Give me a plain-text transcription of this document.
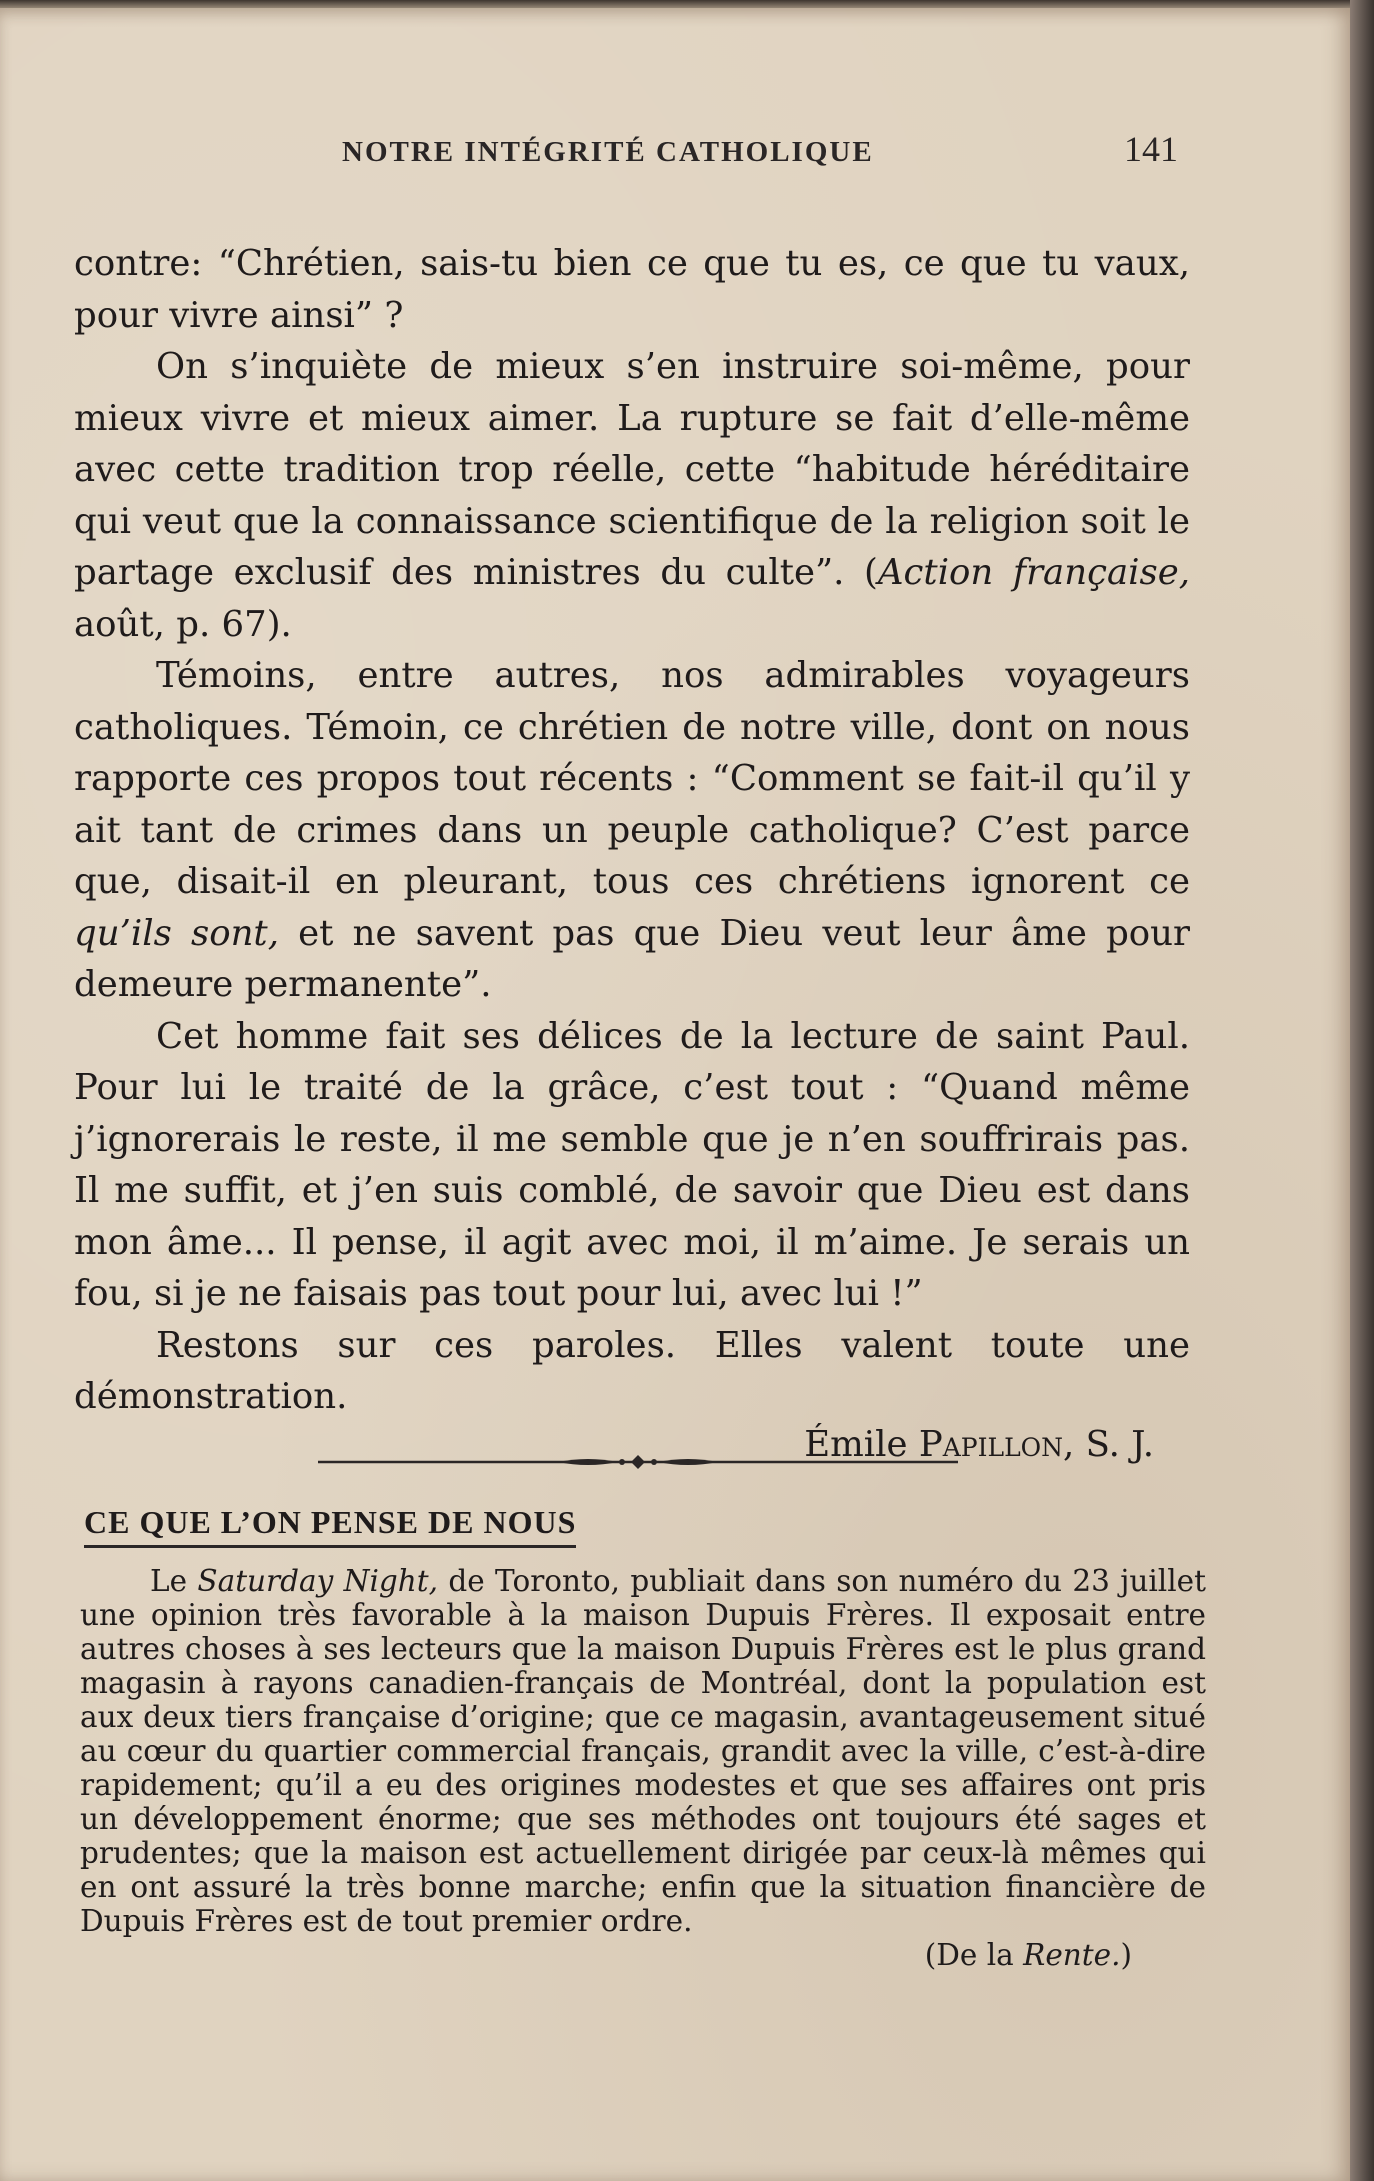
NOTRE INTÉGRITÉ CATHOLIQUE	141

contre: “Chrétien, sais-tu bien ce que tu es, ce que tu vaux, pour vivre ainsi” ?

On s’inquiète de mieux s’en instruire soi-même, pour mieux vivre et mieux aimer. La rupture se fait d’elle-même avec cette tradition trop réelle, cette “habitude héréditaire qui veut que la connaissance scientifique de la religion soit le partage exclusif des ministres du culte”. (Action française, août, p. 67).

Témoins, entre autres, nos admirables voyageurs catholiques. Témoin, ce chrétien de notre ville, dont on nous rapporte ces propos tout récents : “Comment se fait-il qu’il y ait tant de crimes dans un peuple catholique? C’est parce que, disait-il en pleurant, tous ces chrétiens ignorent ce qu’ils sont, et ne savent pas que Dieu veut leur âme pour demeure permanente”.

Cet homme fait ses délices de la lecture de saint Paul. Pour lui le traité de la grâce, c’est tout : “Quand même j’ignorerais le reste, il me semble que je n’en souffrirais pas. Il me suffit, et j’en suis comblé, de savoir que Dieu est dans mon âme... Il pense, il agit avec moi, il m’aime. Je serais un fou, si je ne faisais pas tout pour lui, avec lui !”

Restons sur ces paroles. Elles valent toute une démonstration.

Émile Papillon, S. J.
CE QUE L’ON PENSE DE NOUS

Le Saturday Night, de Toronto, publiait dans son numéro du 23 juillet une opinion très favorable à la maison Dupuis Frères. Il exposait entre autres choses à ses lecteurs que la maison Dupuis Frères est le plus grand magasin à rayons canadien-français de Montréal, dont la population est aux deux tiers française d’origine; que ce magasin, avantageusement situé au cœur du quartier commercial français, grandit avec la ville, c’est-à-dire rapidement; qu’il a eu des origines modestes et que ses affaires ont pris un développement énorme; que ses méthodes ont toujours été sages et prudentes; que la maison est actuellement dirigée par ceux-là mêmes qui en ont assuré la très bonne marche; enfin que la situation financière de Dupuis Frères est de tout premier ordre.

(De la Rente.)
